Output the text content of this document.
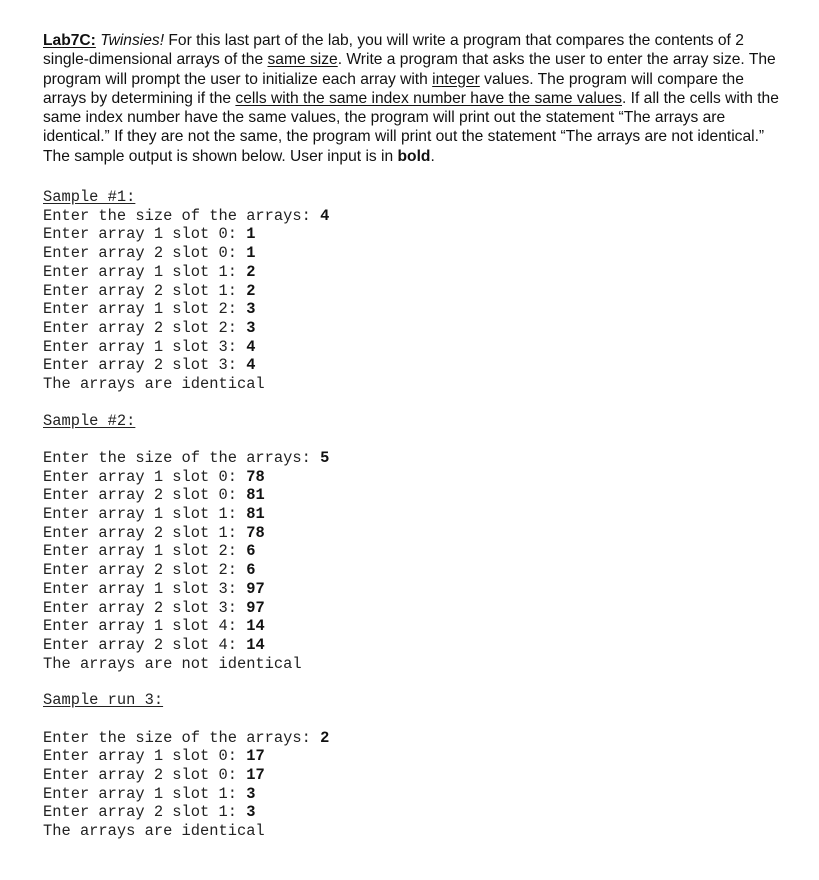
Lab7C: Twinsies! For this last part of the lab, you will write a program that compares the contents of 2 single-dimensional arrays of the same size. Write a program that asks the user to enter the array size. The program will prompt the user to initialize each array with integer values. The program will compare the arrays by determining if the cells with the same index number have the same values. If all the cells with the same index number have the same values, the program will print out the statement “The arrays are identical.” If they are not the same, the program will print out the statement “The arrays are not identical.” The sample output is shown below. User input is in bold.

Sample #1:
Enter the size of the arrays: 4
Enter array 1 slot 0: 1
Enter array 2 slot 0: 1
Enter array 1 slot 1: 2
Enter array 2 slot 1: 2
Enter array 1 slot 2: 3
Enter array 2 slot 2: 3
Enter array 1 slot 3: 4
Enter array 2 slot 3: 4
The arrays are identical
Sample #2:
Enter the size of the arrays: 5
Enter array 1 slot 0: 78
Enter array 2 slot 0: 81
Enter array 1 slot 1: 81
Enter array 2 slot 1: 78
Enter array 1 slot 2: 6
Enter array 2 slot 2: 6
Enter array 1 slot 3: 97
Enter array 2 slot 3: 97
Enter array 1 slot 4: 14
Enter array 2 slot 4: 14
The arrays are not identical
Sample run 3:
Enter the size of the arrays: 2
Enter array 1 slot 0: 17
Enter array 2 slot 0: 17
Enter array 1 slot 1: 3
Enter array 2 slot 1: 3
The arrays are identical
